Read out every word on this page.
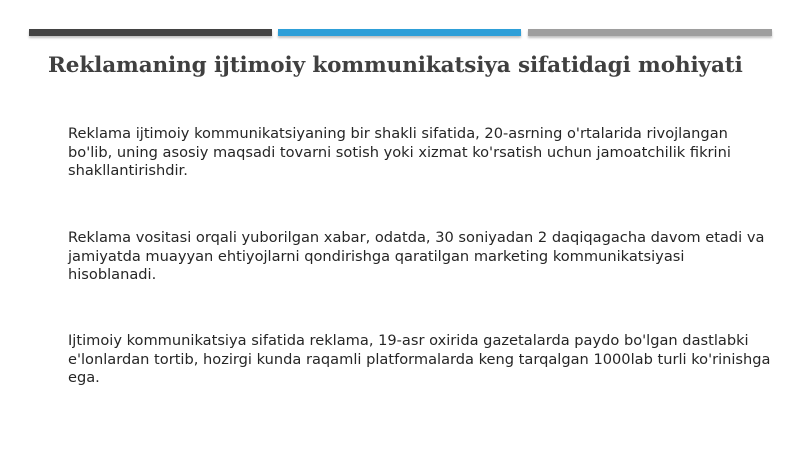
Reklamaning ijtimoiy kommunikatsiya sifatidagi mohiyati

Reklama ijtimoiy kommunikatsiyaning bir shakli sifatida, 20-asrning o'rtalarida rivojlangan bo'lib, uning asosiy maqsadi tovarni sotish yoki xizmat ko'rsatish uchun jamoatchilik fikrini shakllantirishdir.

Reklama vositasi orqali yuborilgan xabar, odatda, 30 soniyadan 2 daqiqagacha davom etadi va jamiyatda muayyan ehtiyojlarni qondirishga qaratilgan marketing kommunikatsiyasi hisoblanadi.

Ijtimoiy kommunikatsiya sifatida reklama, 19-asr oxirida gazetalarda paydo bo'lgan dastlabki e'lonlardan tortib, hozirgi kunda raqamli platformalarda keng tarqalgan 1000lab turli ko'rinishga ega.
